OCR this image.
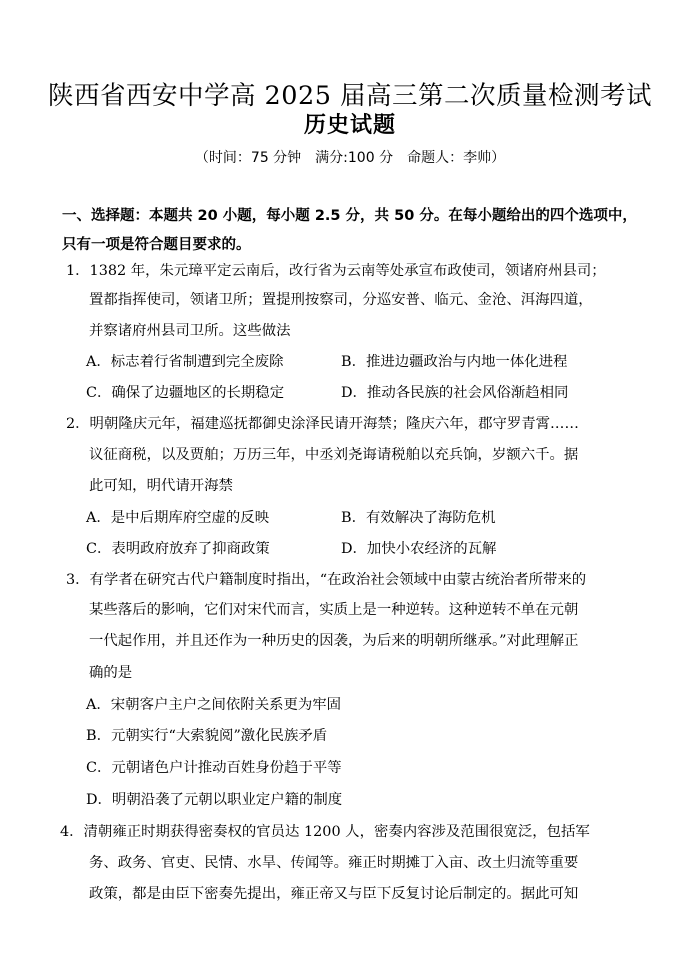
陕西省西安中学高 2025 届高三第二次质量检测考试
历史试题
（时间：75 分钟　满分:100 分　命题人：李帅）
一、选择题：本题共 20 小题，每小题 2.5 分，共 50 分。在每小题给出的四个选项中，
只有一项是符合题目要求的。
1．1382 年，朱元璋平定云南后，改行省为云南等处承宣布政使司，领诸府州县司；
置都指挥使司，领诸卫所；置提刑按察司，分巡安普、临元、金沧、洱海四道，
并察诸府州县司卫所。这些做法
A．标志着行省制遭到完全废除	B．推进边疆政治与内地一体化进程
C．确保了边疆地区的长期稳定	D．推动各民族的社会风俗渐趋相同
2．明朝隆庆元年，福建巡抚都御史涂泽民请开海禁；隆庆六年，郡守罗青霄……
议征商税，以及贾舶；万历三年，中丞刘尧诲请税舶以充兵饷，岁额六千。据
此可知，明代请开海禁
A．是中后期库府空虚的反映	B．有效解决了海防危机
C．表明政府放弃了抑商政策	D．加快小农经济的瓦解
3．有学者在研究古代户籍制度时指出，“在政治社会领域中由蒙古统治者所带来的
某些落后的影响，它们对宋代而言，实质上是一种逆转。这种逆转不单在元朝
一代起作用，并且还作为一种历史的因袭，为后来的明朝所继承。”对此理解正
确的是
A．宋朝客户主户之间依附关系更为牢固
B．元朝实行“大索貌阅”激化民族矛盾
C．元朝诸色户计推动百姓身份趋于平等
D．明朝沿袭了元朝以职业定户籍的制度
4．清朝雍正时期获得密奏权的官员达 1200 人，密奏内容涉及范围很宽泛，包括军
务、政务、官吏、民情、水旱、传闻等。雍正时期摊丁入亩、改土归流等重要
政策，都是由臣下密奏先提出，雍正帝又与臣下反复讨论后制定的。据此可知
